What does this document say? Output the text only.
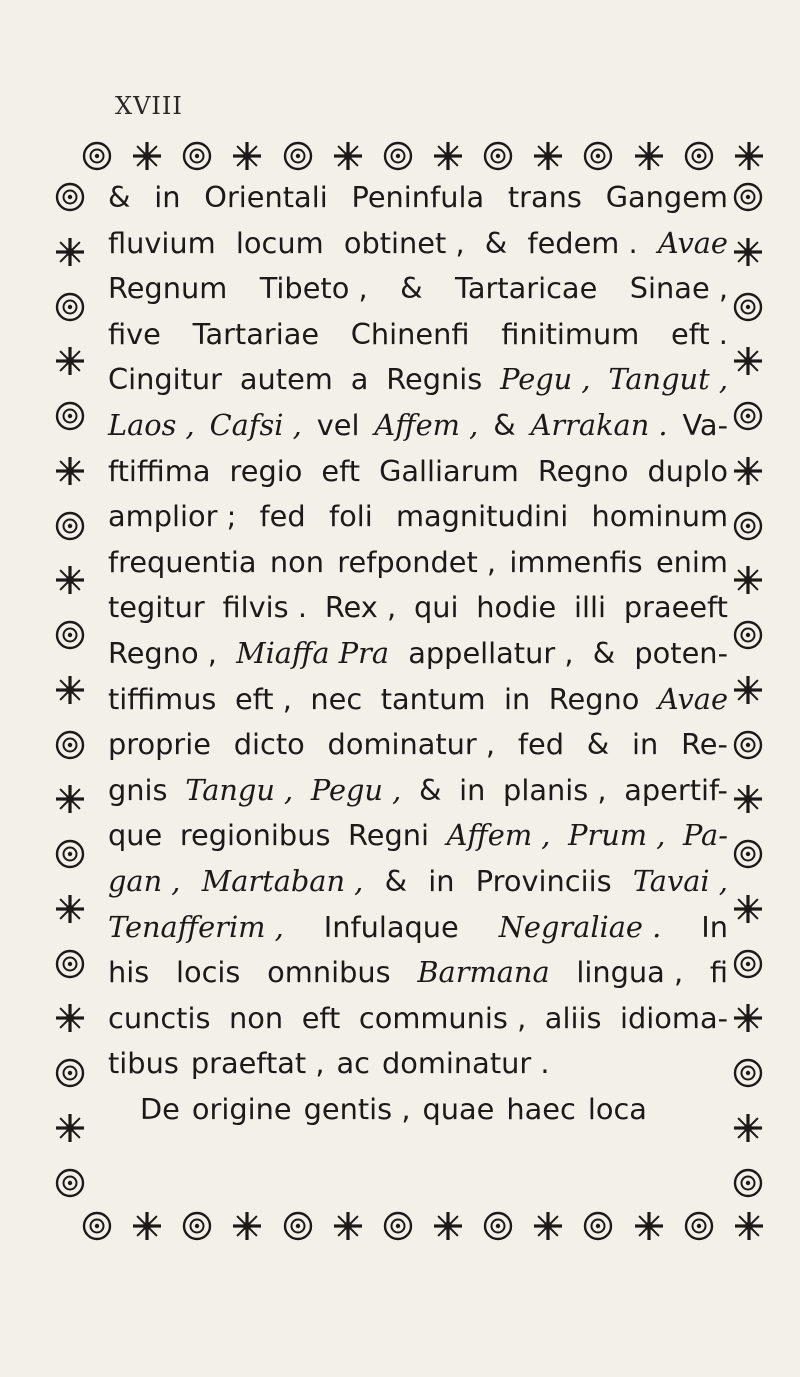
XVIII
& in Orientali Peninfula trans Gangem
fluvium locum obtinet , & fedem . Avae
Regnum Tibeto , & Tartaricae Sinae ,
five Tartariae Chinenfi finitimum eft .
Cingitur autem a Regnis Pegu , Tangut ,
Laos , Cafsi , vel Affem , & Arrakan . Va-
ftiffima regio eft Galliarum Regno duplo
amplior ; fed foli magnitudini hominum
frequentia non refpondet , immenfis enim
tegitur filvis . Rex , qui hodie illi praeeft
Regno , Miaffa Pra appellatur , & poten-
tiffimus eft , nec tantum in Regno Avae
proprie dicto dominatur , fed & in Re-
gnis Tangu , Pegu , & in planis , apertif-
que regionibus Regni Affem , Prum , Pa-
gan , Martaban , & in Provinciis Tavai ,
Tenafferim , Infulaque Negraliae . In
his locis omnibus Barmana lingua , fi
cunctis non eft communis , aliis idioma-
tibus praeftat , ac dominatur .
De origine gentis , quae haec loca
